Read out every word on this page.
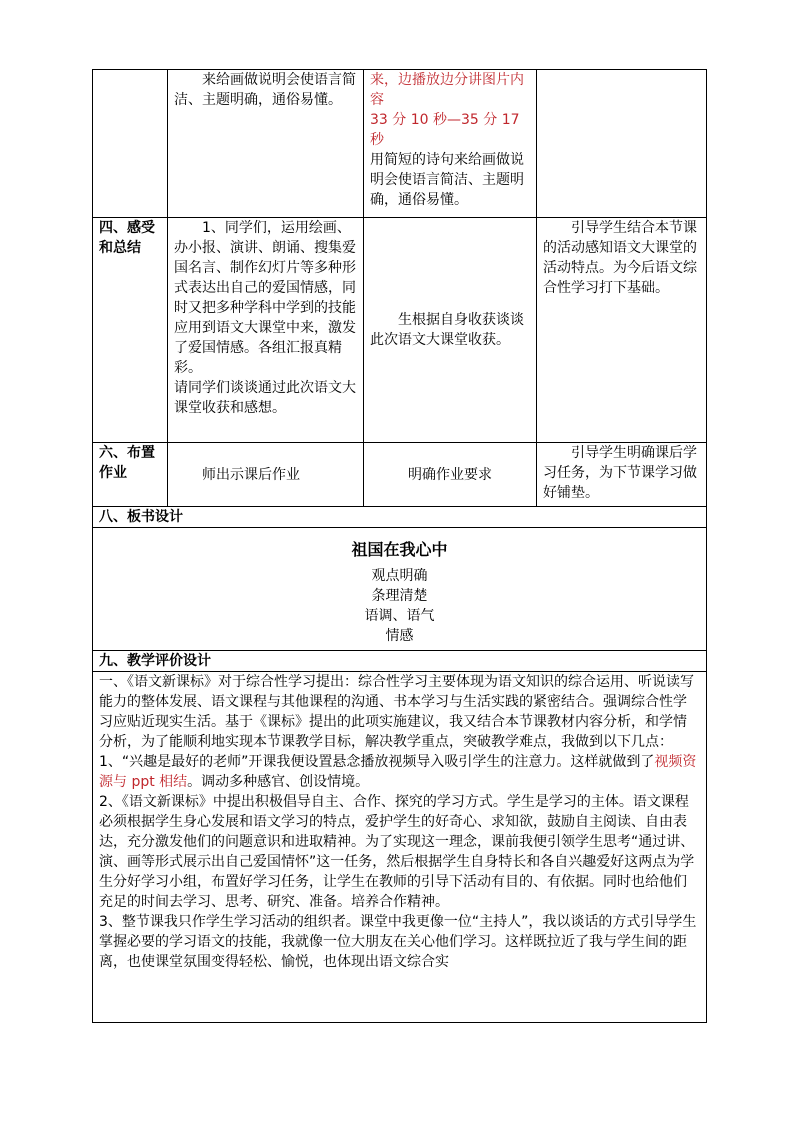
	来给画做说明会使语言简洁、主题明确，通俗易懂。	来，边播放边分讲图片内容
33 分 10 秒—35 分 17 秒
用简短的诗句来给画做说明会使语言简洁、主题明确，通俗易懂。	

四、感受和总结	1、同学们，运用绘画、办小报、演讲、朗诵、搜集爱国名言、制作幻灯片等多种形式表达出自己的爱国情感，同时又把多种学科中学到的技能应用到语文大课堂中来，激发了爱国情感。各组汇报真精彩。
请同学们谈谈通过此次语文大课堂收获和感想。	生根据自身收获谈谈此次语文大课堂收获。	引导学生结合本节课的活动感知语文大课堂的活动特点。为今后语文综合性学习打下基础。

六、布置作业	师出示课后作业	明确作业要求	引导学生明确课后学习任务，为下节课学习做好铺垫。

八、板书设计			

祖国在我心中
观点明确
条理清楚
语调、语气
情感			

九、教学评价设计			

一、《语文新课标》对于综合性学习提出：综合性学习主要体现为语文知识的综合运用、听说读写能力的整体发展、语文课程与其他课程的沟通、书本学习与生活实践的紧密结合。强调综合性学习应贴近现实生活。基于《课标》提出的此项实施建议，我又结合本节课教材内容分析，和学情分析，为了能顺利地实现本节课教学目标，解决教学重点，突破教学难点，我做到以下几点：
1、“兴趣是最好的老师”开课我便设置悬念播放视频导入吸引学生的注意力。这样就做到了视频资源与 ppt 相结。调动多种感官、创设情境。
2、《语文新课标》中提出积极倡导自主、合作、探究的学习方式。学生是学习的主体。语文课程必须根据学生身心发展和语文学习的特点，爱护学生的好奇心、求知欲，鼓励自主阅读、自由表达，充分激发他们的问题意识和进取精神。为了实现这一理念，课前我便引领学生思考“通过讲、演、画等形式展示出自己爱国情怀”这一任务，然后根据学生自身特长和各自兴趣爱好这两点为学生分好学习小组，布置好学习任务，让学生在教师的引导下活动有目的、有依据。同时也给他们充足的时间去学习、思考、研究、准备。培养合作精神。
3、整节课我只作学生学习活动的组织者。课堂中我更像一位“主持人”，我以谈话的方式引导学生掌握必要的学习语文的技能，我就像一位大朋友在关心他们学习。这样既拉近了我与学生间的距离，也使课堂氛围变得轻松、愉悦，也体现出语文综合实			
